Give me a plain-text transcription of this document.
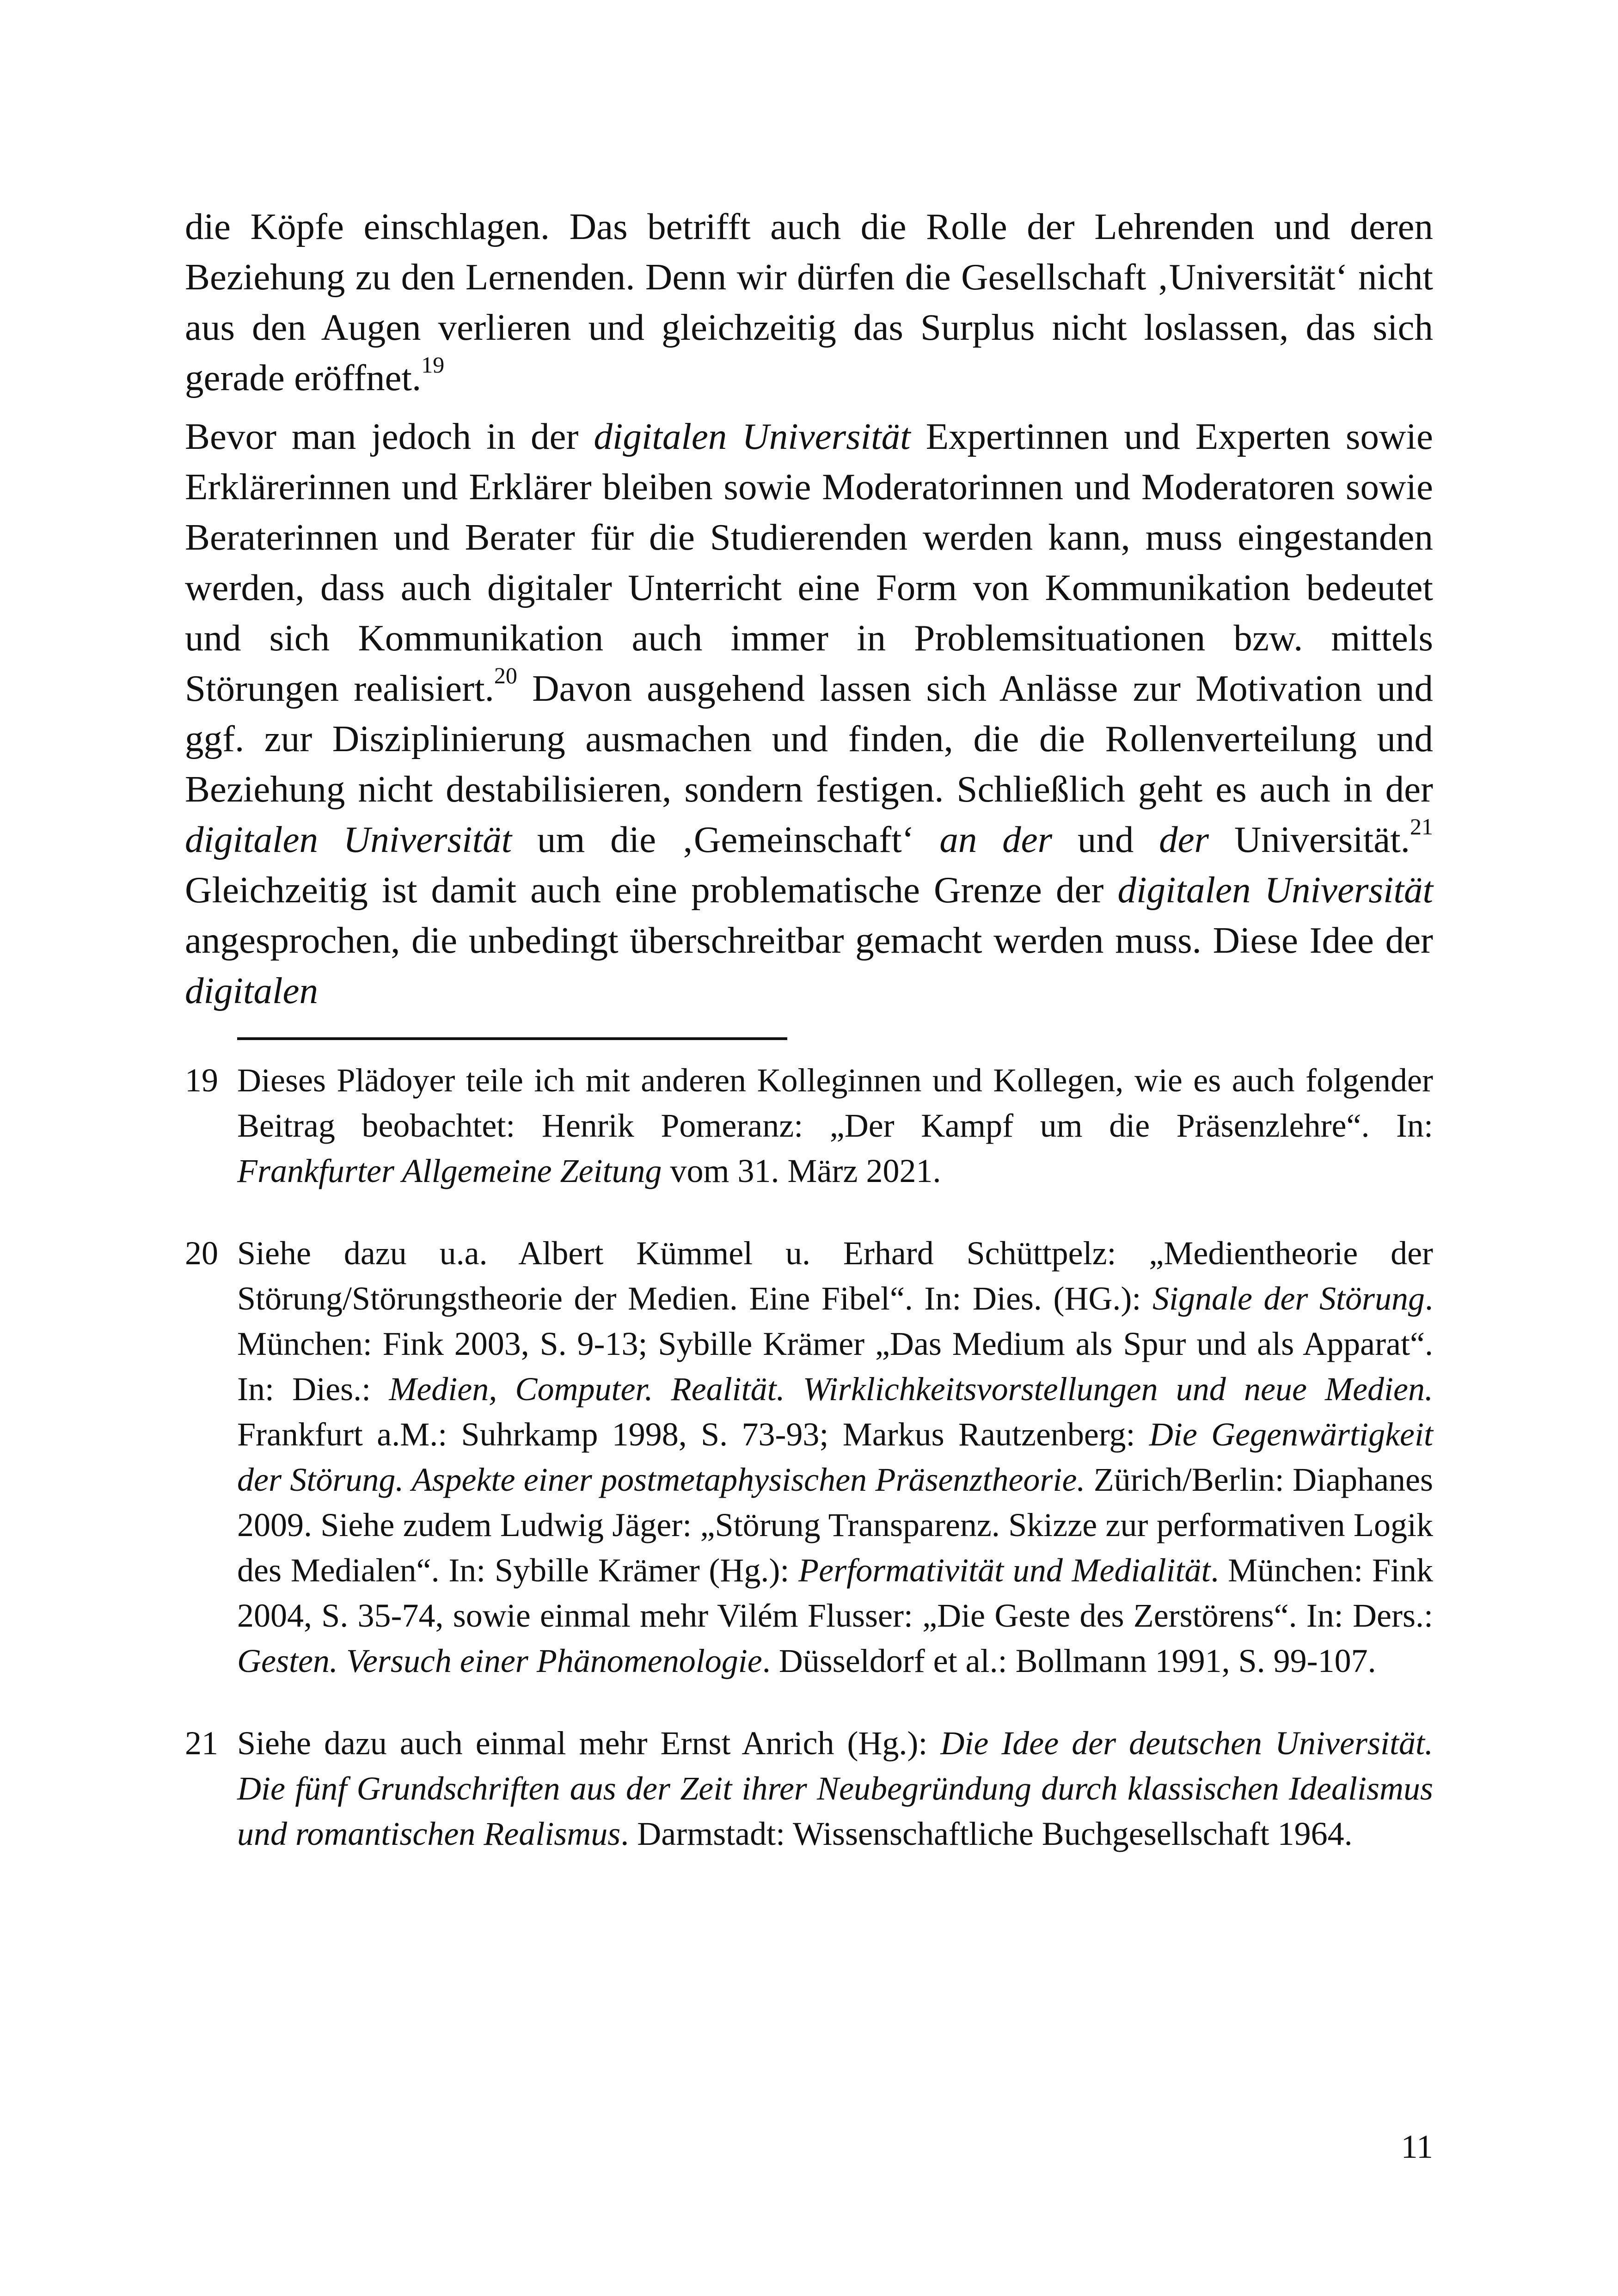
die Köpfe einschlagen. Das betrifft auch die Rolle der Lehrenden und deren Beziehung zu den Lernenden. Denn wir dürfen die Gesellschaft ‚Universität‘ nicht aus den Augen verlieren und gleichzeitig das Surplus nicht loslassen, das sich gerade eröffnet.$^{19}$

Bevor man jedoch in der digitalen Universität Expertinnen und Experten sowie Erklärerinnen und Erklärer bleiben sowie Moderatorinnen und Moderatoren sowie Beraterinnen und Berater für die Studierenden werden kann, muss eingestanden werden, dass auch digitaler Unterricht eine Form von Kommunikation bedeutet und sich Kommunikation auch immer in Problemsituationen bzw. mittels Störungen realisiert.$^{20}$ Davon ausgehend lassen sich Anlässe zur Motivation und ggf. zur Disziplinierung ausmachen und finden, die die Rollenverteilung und Beziehung nicht destabilisieren, sondern festigen. Schließlich geht es auch in der digitalen Universität um die ‚Gemeinschaft‘ an der und der Universität.$^{21}$ Gleichzeitig ist damit auch eine problematische Grenze der digitalen Universität angesprochen, die unbedingt überschreitbar gemacht werden muss. Diese Idee der digitalen

19 Dieses Plädoyer teile ich mit anderen Kolleginnen und Kollegen, wie es auch folgender Beitrag beobachtet: Henrik Pomeranz: „Der Kampf um die Präsenzlehre“. In: Frankfurter Allgemeine Zeitung vom 31. März 2021.

20 Siehe dazu u.a. Albert Kümmel u. Erhard Schüttpelz: „Medientheorie der Störung/Störungstheorie der Medien. Eine Fibel“. In: Dies. (HG.): Signale der Störung. München: Fink 2003, S. 9-13; Sybille Krämer „Das Medium als Spur und als Apparat“. In: Dies.: Medien, Computer. Realität. Wirklichkeitsvorstellungen und neue Medien. Frankfurt a.M.: Suhrkamp 1998, S. 73-93; Markus Rautzenberg: Die Gegenwärtigkeit der Störung. Aspekte einer postmetaphysischen Präsenztheorie. Zürich/Berlin: Diaphanes 2009. Siehe zudem Ludwig Jäger: „Störung Transparenz. Skizze zur performativen Logik des Medialen“. In: Sybille Krämer (Hg.): Performativität und Medialität. München: Fink 2004, S. 35-74, sowie einmal mehr Vilém Flusser: „Die Geste des Zerstörens“. In: Ders.: Gesten. Versuch einer Phänomenologie. Düsseldorf et al.: Bollmann 1991, S. 99-107.

21 Siehe dazu auch einmal mehr Ernst Anrich (Hg.): Die Idee der deutschen Universität. Die fünf Grundschriften aus der Zeit ihrer Neubegründung durch klassischen Idealismus und romantischen Realismus. Darmstadt: Wissenschaftliche Buchgesellschaft 1964.

11
